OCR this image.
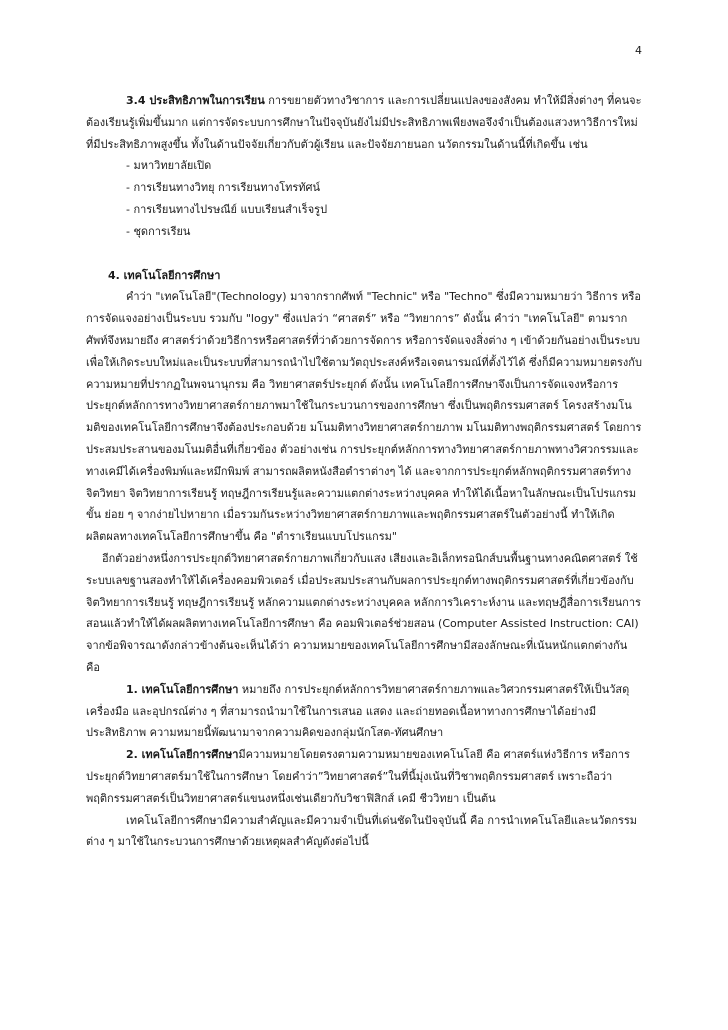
4

3.4 ประสิทธิภาพในการเรียน การขยายตัวทางวิชาการ และการเปลี่ยนแปลงของสังคม ทำให้มีสิ่งต่างๆ ที่คนจะต้องเรียนรู้เพิ่มขึ้นมาก แต่การจัดระบบการศึกษาในปัจจุบันยังไม่มีประสิทธิภาพเพียงพอจึงจำเป็นต้องแสวงหาวิธีการใหม่ที่มีประสิทธิภาพสูงขึ้น ทั้งในด้านปัจจัยเกี่ยวกับตัวผู้เรียน และปัจจัยภายนอก นวัตกรรมในด้านนี้ที่เกิดขึ้น เช่น

- มหาวิทยาลัยเปิด

- การเรียนทางวิทยุ การเรียนทางโทรทัศน์

- การเรียนทางไปรษณีย์ แบบเรียนสำเร็จรูป

- ชุดการเรียน

4. เทคโนโลยีการศึกษา

คำว่า "เทคโนโลยี"(Technology) มาจากรากศัพท์ "Technic" หรือ "Techno" ซึ่งมีความหมายว่า วิธีการ หรือการจัดแจงอย่างเป็นระบบ รวมกับ "logy" ซึ่งแปลว่า “ศาสตร์” หรือ “วิทยาการ” ดังนั้น คำว่า "เทคโนโลยี" ตามรากศัพท์จึงหมายถึง ศาสตร์ว่าด้วยวิธีการหรือศาสตร์ที่ว่าด้วยการจัดการ หรือการจัดแจงสิ่งต่าง ๆ เข้าด้วยกันอย่างเป็นระบบ เพื่อให้เกิดระบบใหม่และเป็นระบบที่สามารถนำไปใช้ตามวัตถุประสงค์หรือเจตนารมณ์ที่ตั้งไว้ได้ ซึ่งก็มีความหมายตรงกับความหมายที่ปรากฏในพจนานุกรม คือ วิทยาศาสตร์ประยุกต์ ดังนั้น เทคโนโลยีการศึกษาจึงเป็นการจัดแจงหรือการประยุกต์หลักการทางวิทยาศาสตร์กายภาพมาใช้ในกระบวนการของการศึกษา ซึ่งเป็นพฤติกรรมศาสตร์ โครงสร้างมโนมติของเทคโนโลยีการศึกษาจึงต้องประกอบด้วย มโนมติทางวิทยาศาสตร์กายภาพ มโนมติทางพฤติกรรมศาสตร์ โดยการประสมประสานของมโนมติอื่นที่เกี่ยวข้อง ตัวอย่างเช่น การประยุกต์หลักการทางวิทยาศาสตร์กายภาพทางวิศวกรรมและทางเคมีได้เครื่องพิมพ์และหมึกพิมพ์ สามารถผลิตหนังสือตำราต่างๆ ได้ และจากการประยุกต์หลักพฤติกรรมศาสตร์ทางจิตวิทยา จิตวิทยาการเรียนรู้ ทฤษฎีการเรียนรู้และความแตกต่างระหว่างบุคคล ทำให้ได้เนื้อหาในลักษณะเป็นโปรแกรมขั้น ย่อย ๆ จากง่ายไปหายาก เมื่อรวมกันระหว่างวิทยาศาสตร์กายภาพและพฤติกรรมศาสตร์ในตัวอย่างนี้ ทำให้เกิดผลิตผลทางเทคโนโลยีการศึกษาขึ้น คือ "ตำราเรียนแบบโปรแกรม"

อีกตัวอย่างหนึ่งการประยุกต์วิทยาศาสตร์กายภาพเกี่ยวกับแสง เสียงและอิเล็กทรอนิกส์บนพื้นฐานทางคณิตศาสตร์ ใช้ระบบเลขฐานสองทำให้ได้เครื่องคอมพิวเตอร์ เมื่อประสมประสานกับผลการประยุกต์ทางพฤติกรรมศาสตร์ที่เกี่ยวข้องกับจิตวิทยาการเรียนรู้ ทฤษฎีการเรียนรู้ หลักความแตกต่างระหว่างบุคคล หลักการวิเคราะห์งาน และทฤษฎีสื่อการเรียนการสอนแล้วทำให้ได้ผลผลิตทางเทคโนโลยีการศึกษา คือ คอมพิวเตอร์ช่วยสอน (Computer Assisted Instruction: CAI) จากข้อพิจารณาดังกล่าวข้างต้นจะเห็นได้ว่า ความหมายของเทคโนโลยีการศึกษามีสองลักษณะที่เน้นหนักแตกต่างกัน คือ

1. เทคโนโลยีการศึกษา หมายถึง การประยุกต์หลักการวิทยาศาสตร์กายภาพและวิศวกรรมศาสตร์ให้เป็นวัสดุ เครื่องมือ และอุปกรณ์ต่าง ๆ ที่สามารถนำมาใช้ในการเสนอ แสดง และถ่ายทอดเนื้อหาทางการศึกษาได้อย่างมีประสิทธิภาพ ความหมายนี้พัฒนามาจากความคิดของกลุ่มนักโสต-ทัศนศึกษา

2. เทคโนโลยีการศึกษามีความหมายโดยตรงตามความหมายของเทคโนโลยี คือ ศาสตร์แห่งวิธีการ หรือการประยุกต์วิทยาศาสตร์มาใช้ในการศึกษา โดยคำว่า”วิทยาศาสตร์”ในที่นี้มุ่งเน้นที่วิชาพฤติกรรมศาสตร์ เพราะถือว่าพฤติกรรมศาสตร์เป็นวิทยาศาสตร์แขนงหนึ่งเช่นเดียวกับวิชาฟิสิกส์ เคมี ชีววิทยา เป็นต้น

เทคโนโลยีการศึกษามีความสำคัญและมีความจำเป็นที่เด่นชัดในปัจจุบันนี้ คือ การนำเทคโนโลยีและนวัตกรรมต่าง ๆ มาใช้ในกระบวนการศึกษาด้วยเหตุผลสำคัญดังต่อไปนี้
